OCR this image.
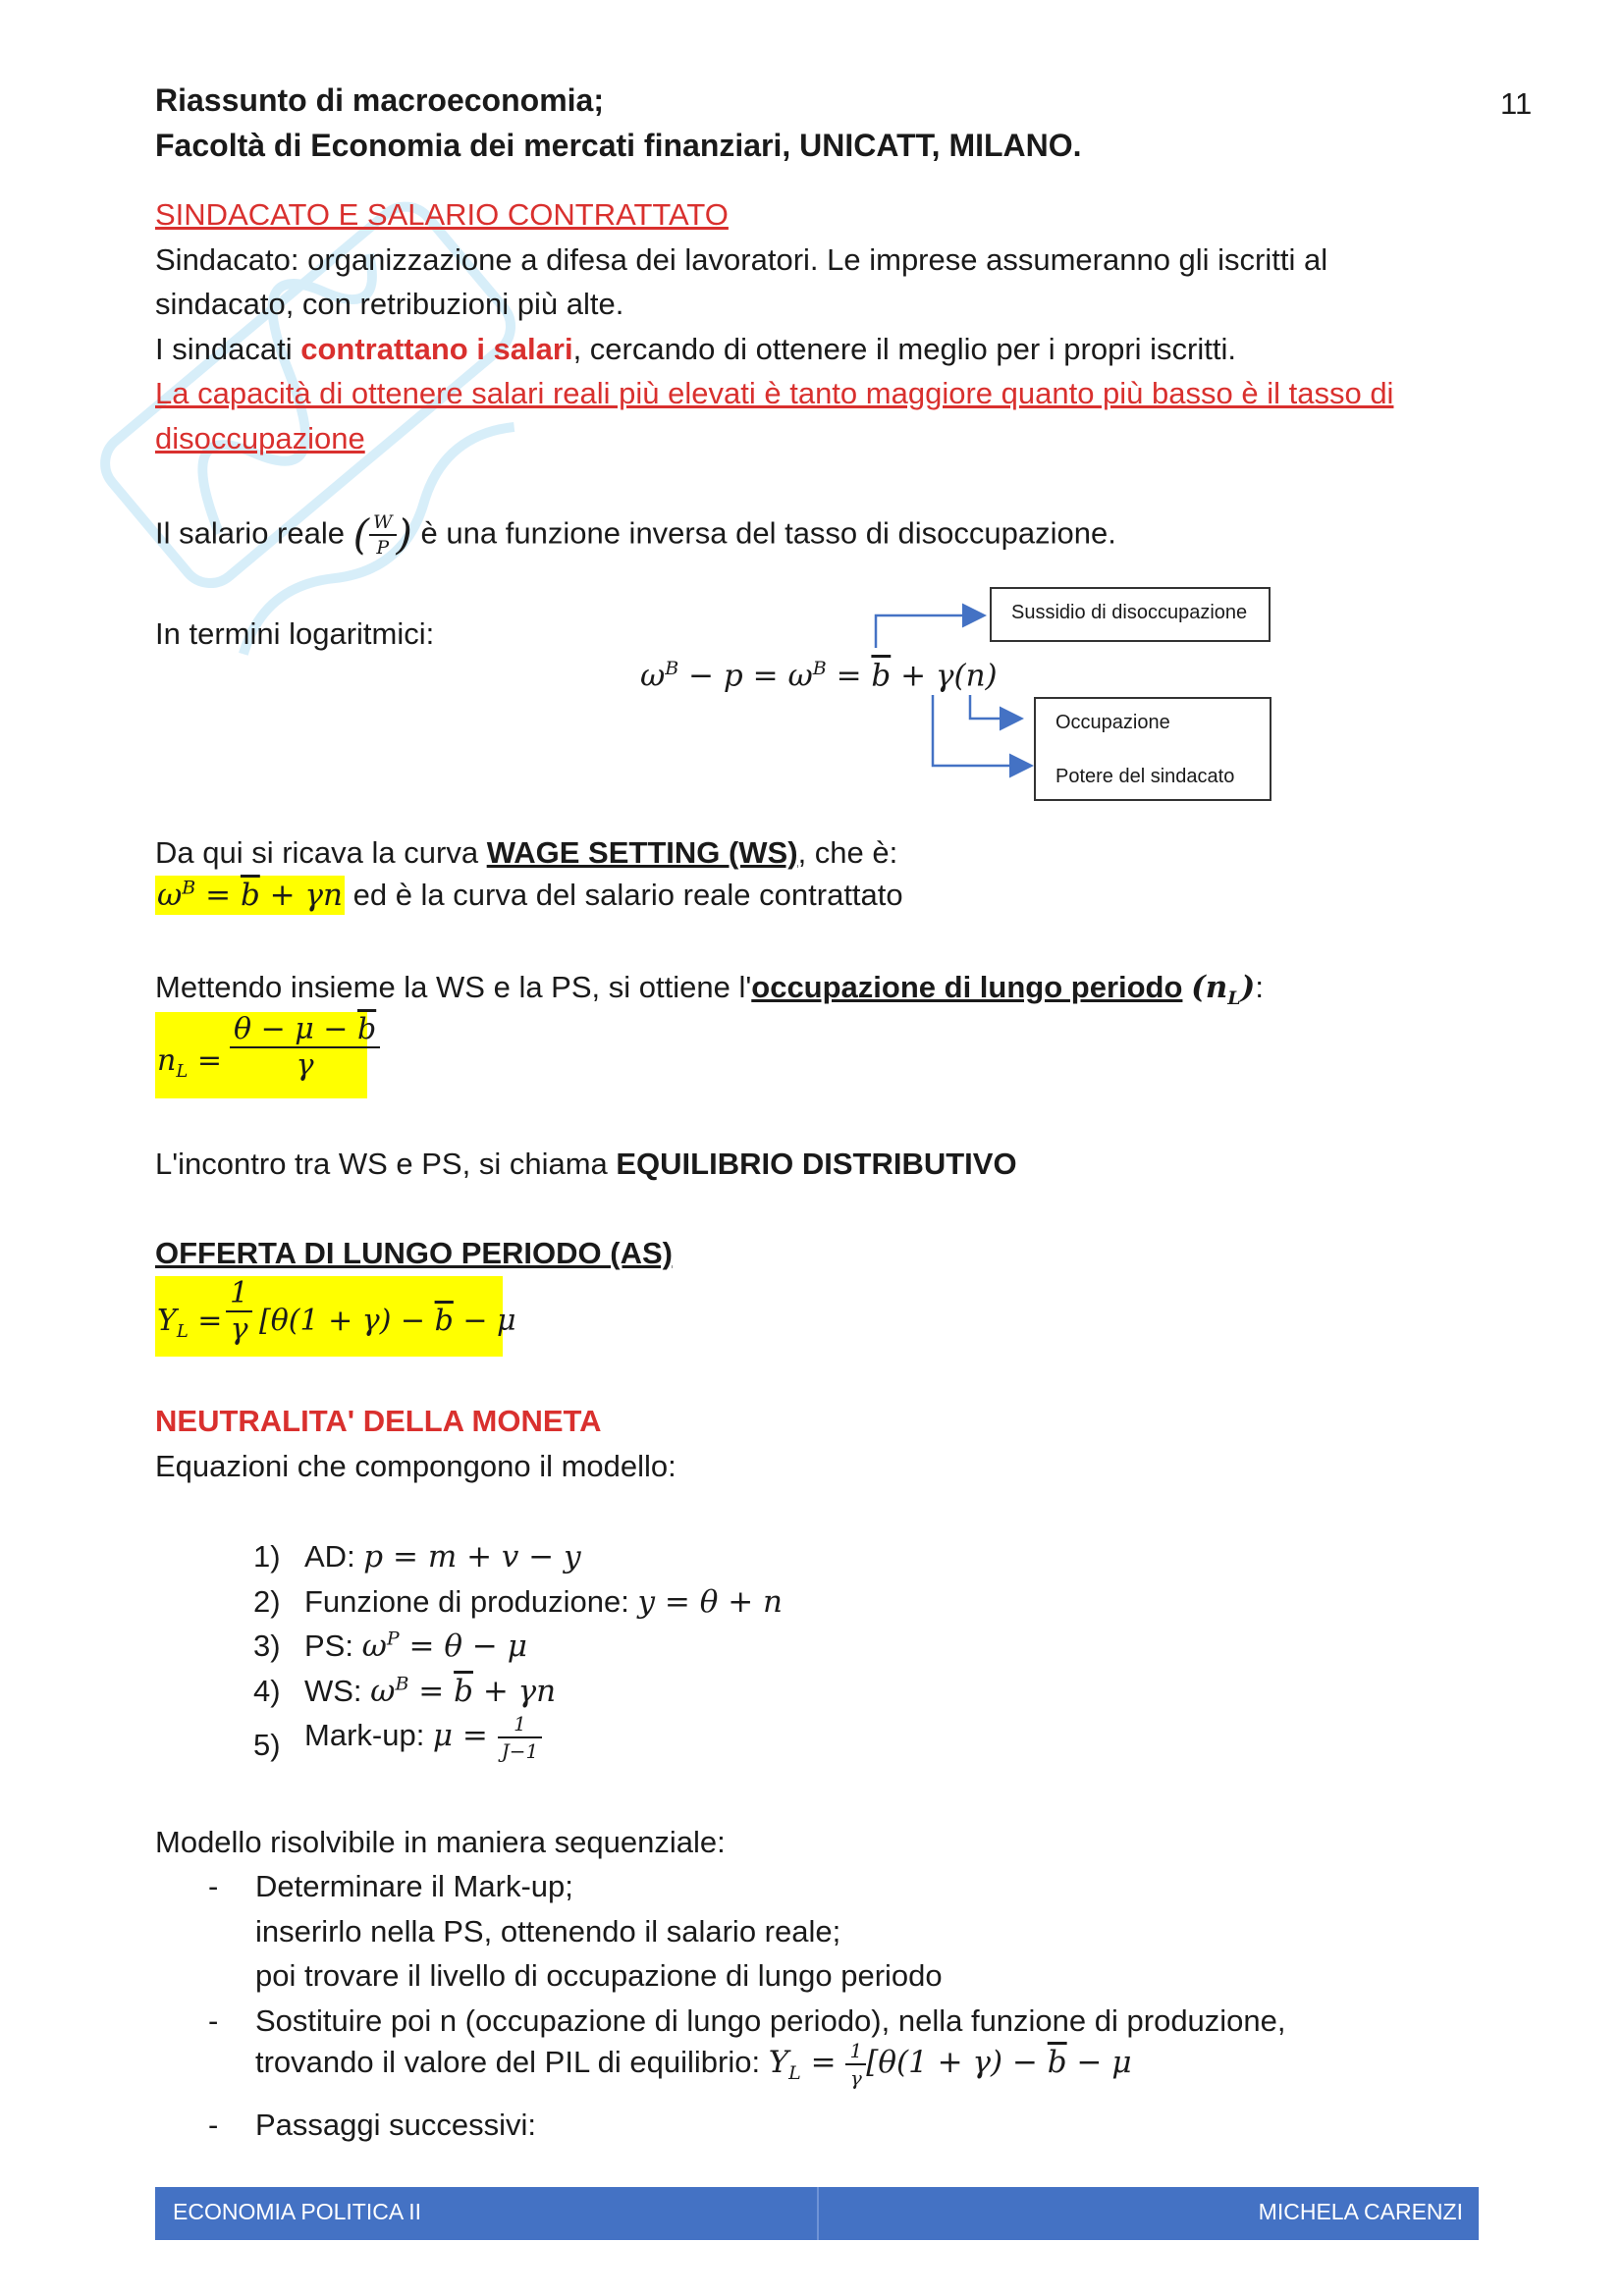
Riassunto di macroeconomia;
Facoltà di Economia dei mercati finanziari, UNICATT, MILANO.
11
SINDACATO E SALARIO CONTRATTATO
Sindacato: organizzazione a difesa dei lavoratori. Le imprese assumeranno gli iscritti al
sindacato, con retribuzioni più alte.
I sindacati contrattano i salari, cercando di ottenere il meglio per i propri iscritti.
La capacità di ottenere salari reali più elevati è tanto maggiore quanto più basso è il tasso di
disoccupazione
Il salario reale ( $\frac{W}{P}$ ) è una funzione inversa del tasso di disoccupazione.
In termini logaritmici:
$\omega^B - p = \omega^B = \overline{b} + \gamma(n)$
Sussidio di disoccupazione
Occupazione
Potere del sindacato
Da qui si ricava la curva WAGE SETTING (WS), che è:
$\omega^B = \overline{b} + \gamma n$ ed è la curva del salario reale contrattato
Mettendo insieme la WS e la PS, si ottiene l'occupazione di lungo periodo $(n_L)$:
$n_L = \frac{\theta - \mu - \overline{b}}{\gamma}$
L'incontro tra WS e PS, si chiama EQUILIBRIO DISTRIBUTIVO
OFFERTA DI LUNGO PERIODO (AS)
$Y_L = \frac{1}{\gamma} [\theta(1 + \gamma) - \overline{b} - \mu$
NEUTRALITA' DELLA MONETA
Equazioni che compongono il modello:
1) AD: p = m + v − y
2) Funzione di produzione: y = θ + n
3) PS: $\omega^P = \theta - \mu$
4) WS: $\omega^B = \overline{b} + \gamma n$
5) Mark-up: $\mu = \frac{1}{J-1}$
Modello risolvibile in maniera sequenziale:
- Determinare il Mark-up;
inserirlo nella PS, ottenendo il salario reale;
poi trovare il livello di occupazione di lungo periodo
- Sostituire poi n (occupazione di lungo periodo), nella funzione di produzione,
trovando il valore del PIL di equilibrio: $Y_L = \frac{1}{\gamma} [\theta(1 + \gamma) - \overline{b} - \mu$
- Passaggi successivi:
ECONOMIA POLITICA II	MICHELA CARENZI
